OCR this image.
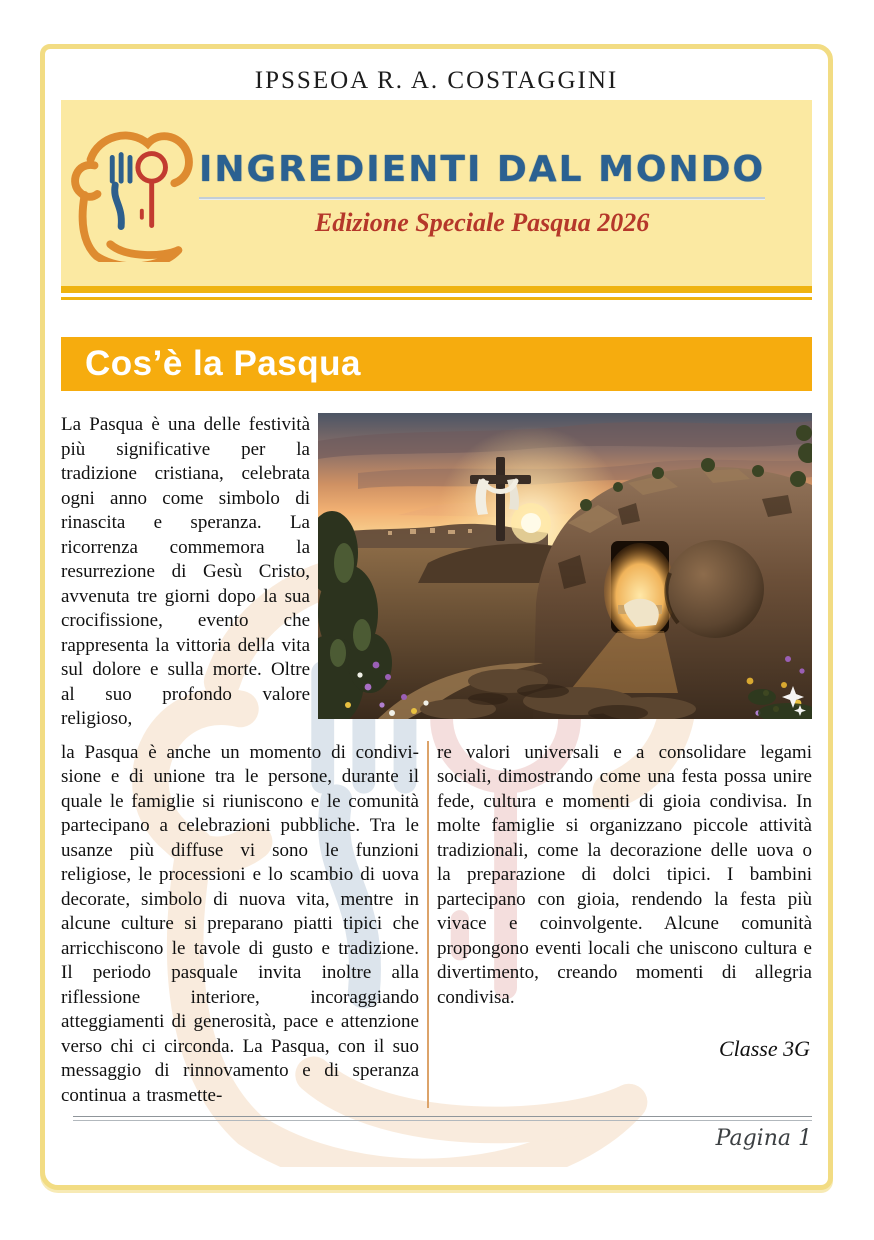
IPSSEOA R. A. COSTAGGINI
INGREDIENTI DAL MONDO
Edizione Speciale Pasqua 2026
Cos’è la Pasqua
La Pasqua è una delle festività più significative per la tradizione cristiana, celebrata ogni anno come simbolo di rinascita e speranza. La ricorrenza commemora la resurrezione di Gesù Cristo, avvenuta tre giorni dopo la sua crocifissione, evento che rappresenta la vittoria della vita sul dolore e sulla morte. Oltre al suo profondo valore religioso,
la Pasqua è anche un momento di condivisione e di unione tra le persone, durante il quale le famiglie si riuniscono e le comunità partecipano a celebrazioni pubbliche. Tra le usanze più diffuse vi sono le funzioni religiose, le processioni e lo scambio di uova decorate, simbolo di nuova vita, mentre in alcune culture si preparano piatti tipici che arricchiscono le tavole di gusto e tradizione. Il periodo pasquale invita inoltre alla riflessione interiore, incoraggiando atteggiamenti di generosità, pace e attenzione verso chi ci circonda. La Pasqua, con il suo messaggio di rinnovamento e di speranza continua a trasmette-
re valori universali e a consolidare legami sociali, dimostrando come una festa possa unire fede, cultura e momenti di gioia condivisa. In molte famiglie si organizzano piccole attività tradizionali, come la decorazione delle uova o la preparazione di dolci tipici. I bambini partecipano con gioia, rendendo la festa più vivace e coinvolgente. Alcune comunità propongono eventi locali che uniscono cultura e divertimento, creando momenti di allegria condivisa.
Classe 3G
Pagina 1
